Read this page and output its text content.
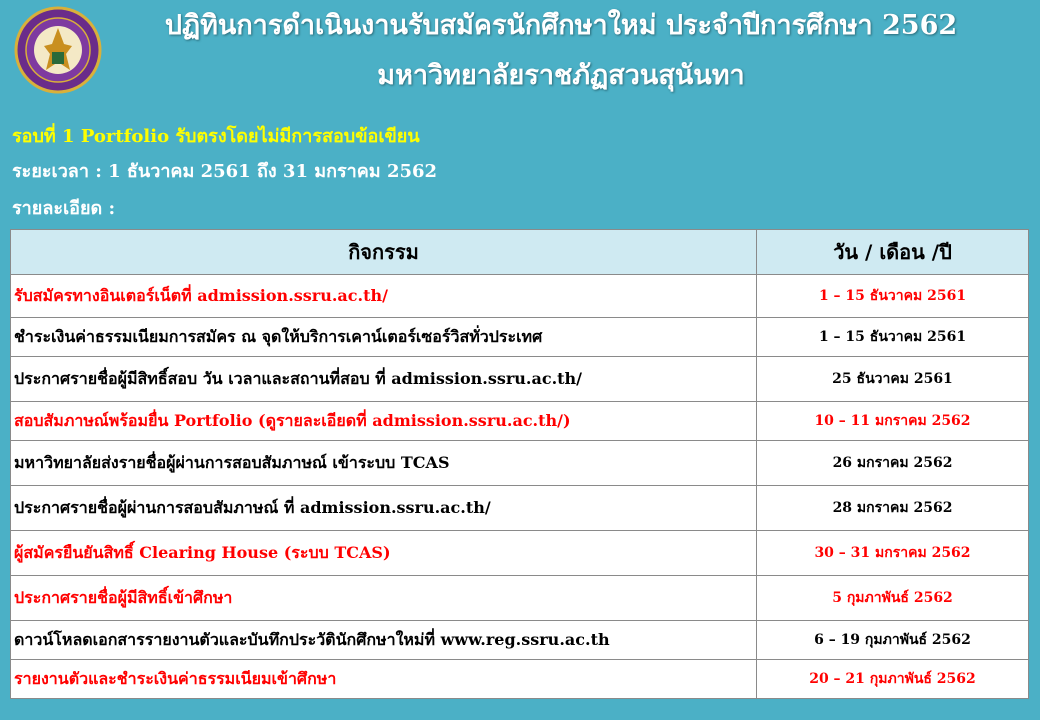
ปฏิทินการดำเนินงานรับสมัครนักศึกษาใหม่ ประจำปีการศึกษา 2562
มหาวิทยาลัยราชภัฏสวนสุนันทา
รอบที่ 1 Portfolio รับตรงโดยไม่มีการสอบข้อเขียน
ระยะเวลา : 1 ธันวาคม 2561 ถึง 31 มกราคม 2562
รายละเอียด :
กิจกรรม	วัน / เดือน /ปี
รับสมัครทางอินเตอร์เน็ตที่ admission.ssru.ac.th/	1 – 15 ธันวาคม 2561
ชำระเงินค่าธรรมเนียมการสมัคร ณ จุดให้บริการเคาน์เตอร์เซอร์วิสทั่วประเทศ	1 – 15 ธันวาคม 2561
ประกาศรายชื่อผู้มีสิทธิ์สอบ วัน เวลาและสถานที่สอบ ที่ admission.ssru.ac.th/	25 ธันวาคม 2561
สอบสัมภาษณ์พร้อมยื่น Portfolio (ดูรายละเอียดที่ admission.ssru.ac.th/)	10 – 11 มกราคม 2562
มหาวิทยาลัยส่งรายชื่อผู้ผ่านการสอบสัมภาษณ์ เข้าระบบ TCAS	26 มกราคม 2562
ประกาศรายชื่อผู้ผ่านการสอบสัมภาษณ์ ที่ admission.ssru.ac.th/	28 มกราคม 2562
ผู้สมัครยืนยันสิทธิ์ Clearing House (ระบบ TCAS)	30 – 31 มกราคม 2562
ประกาศรายชื่อผู้มีสิทธิ์เข้าศึกษา	5 กุมภาพันธ์ 2562
ดาวน์โหลดเอกสารรายงานตัวและบันทึกประวัตินักศึกษาใหม่ที่ www.reg.ssru.ac.th	6 – 19 กุมภาพันธ์ 2562
รายงานตัวและชำระเงินค่าธรรมเนียมเข้าศึกษา	20 – 21 กุมภาพันธ์ 2562
